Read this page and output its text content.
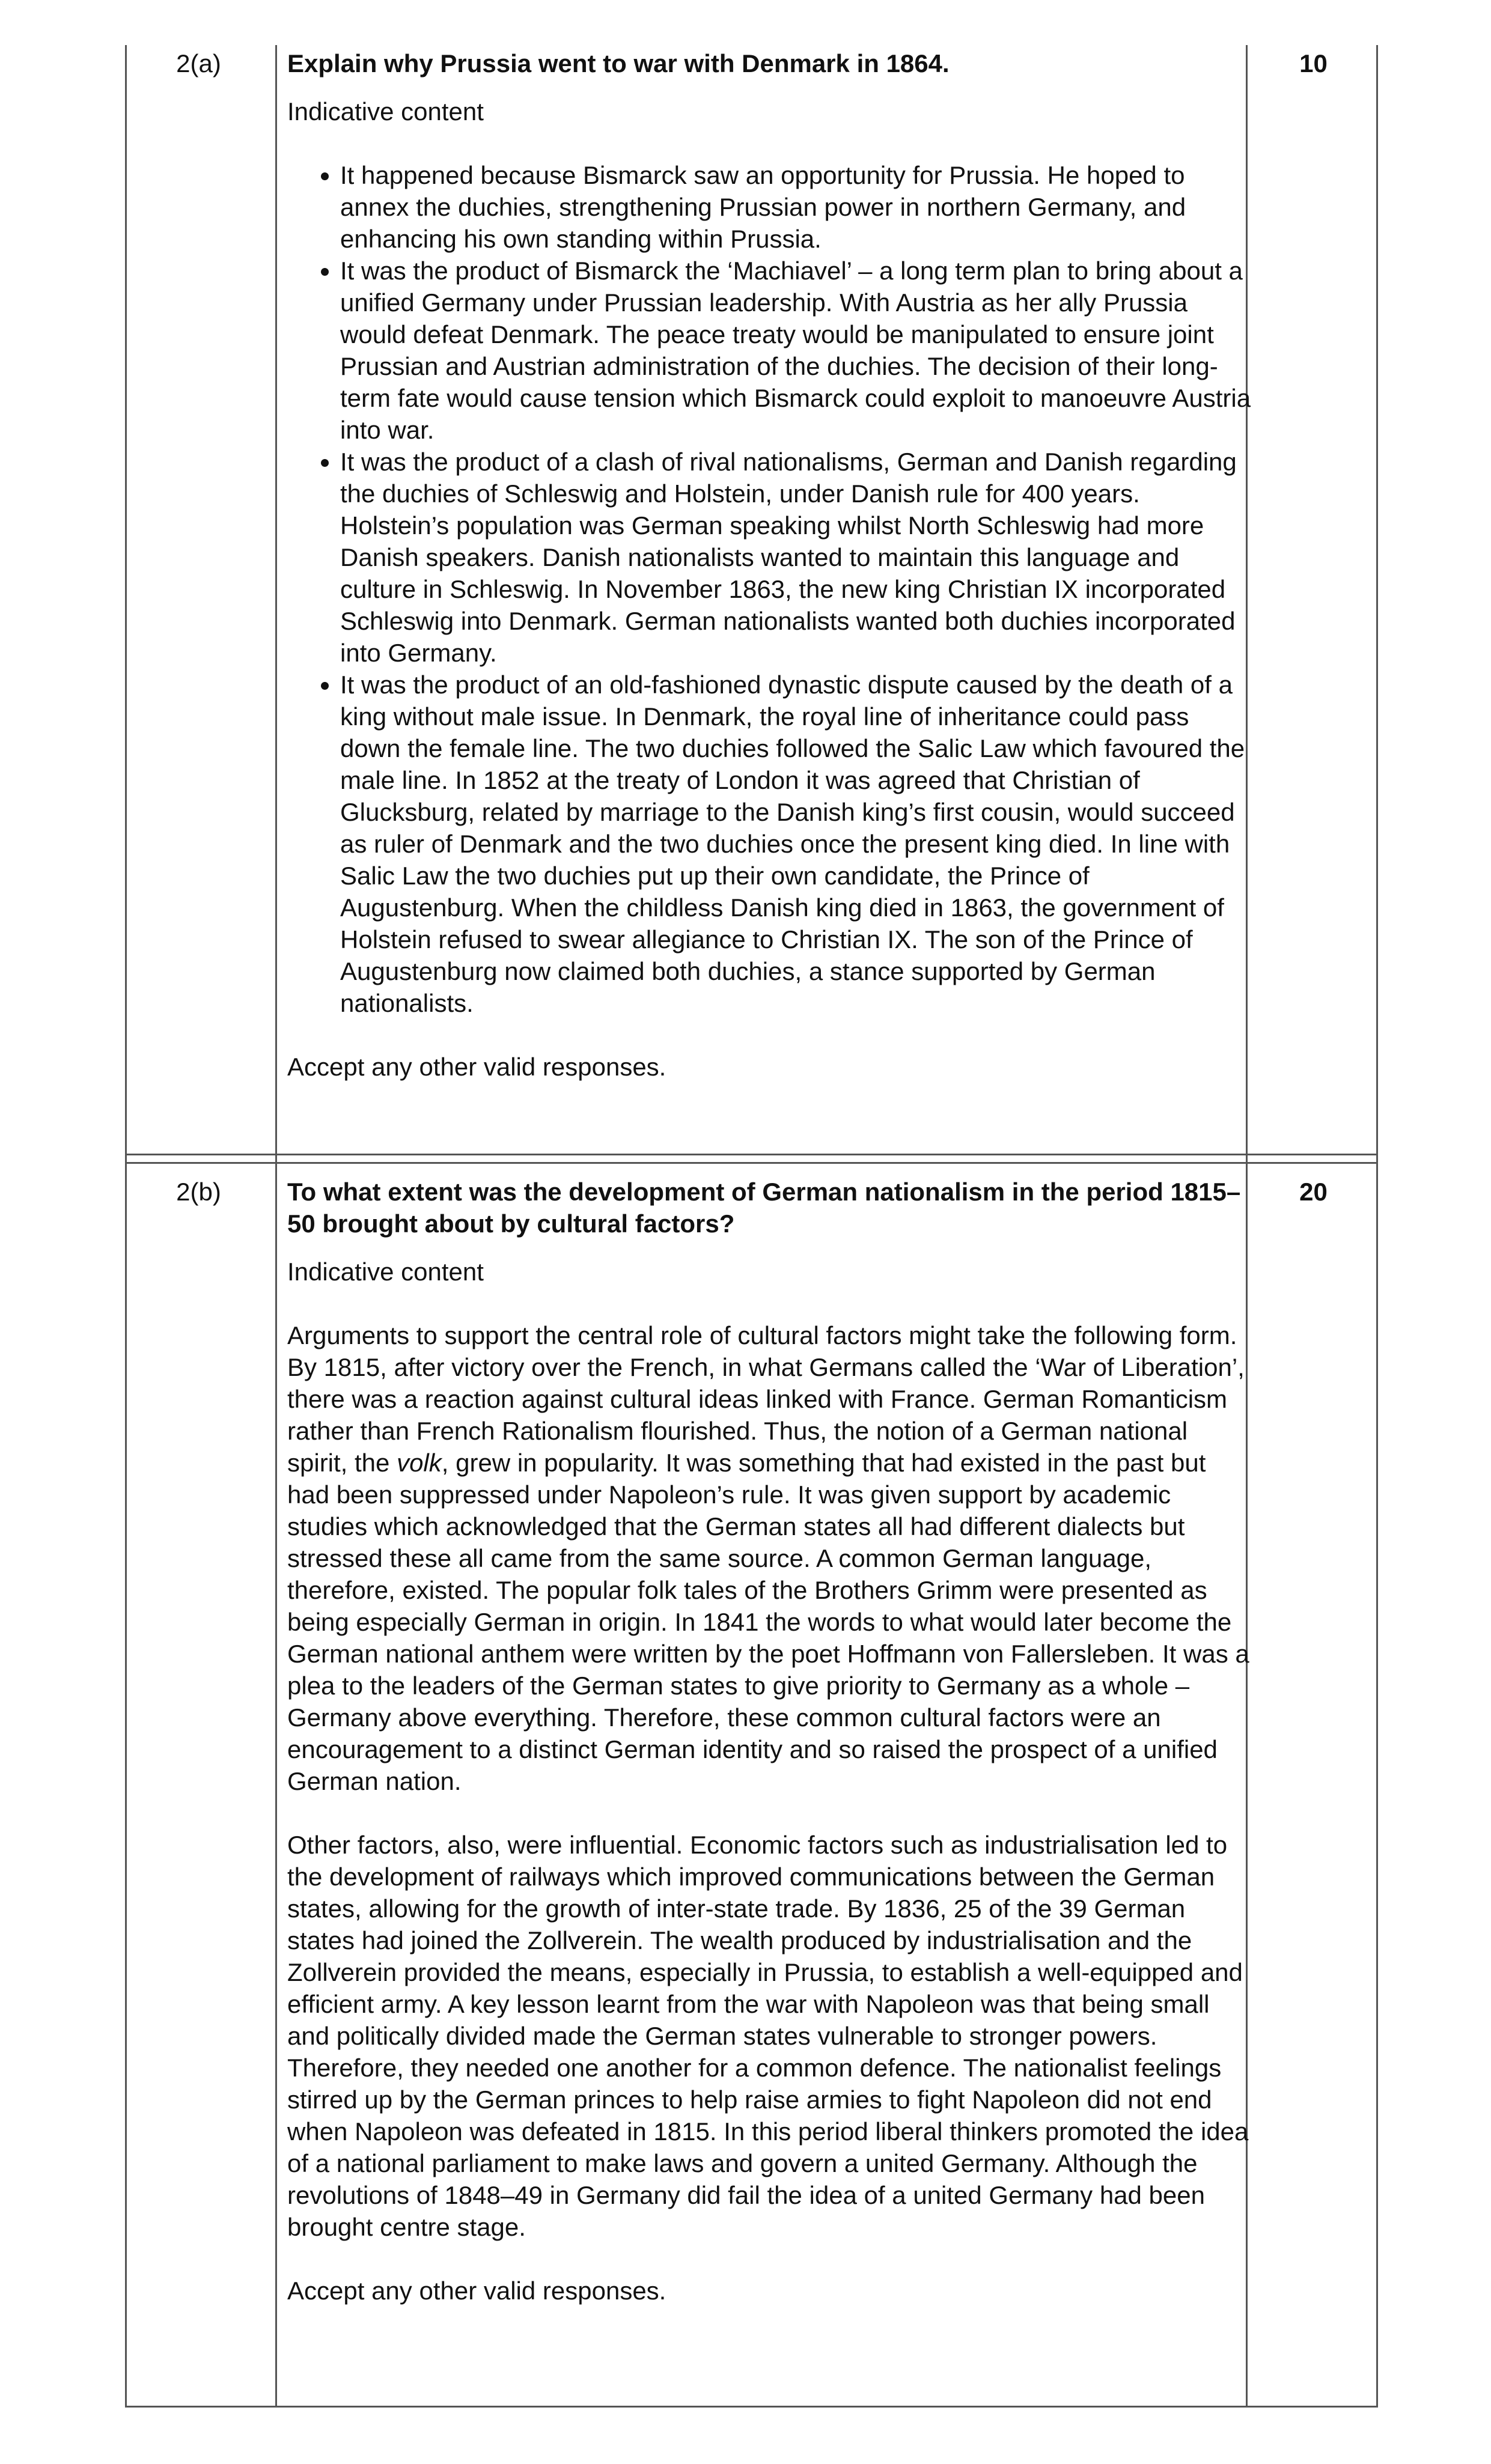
2(a)	Explain why Prussia went to war with Denmark in 1864.
Indicative content
• It happened because Bismarck saw an opportunity for Prussia. He hoped to annex the duchies, strengthening Prussian power in northern Germany, and enhancing his own standing within Prussia.
• It was the product of Bismarck the ‘Machiavel’ – a long term plan to bring about a unified Germany under Prussian leadership. With Austria as her ally Prussia would defeat Denmark. The peace treaty would be manipulated to ensure joint Prussian and Austrian administration of the duchies. The decision of their long-term fate would cause tension which Bismarck could exploit to manoeuvre Austria into war.
• It was the product of a clash of rival nationalisms, German and Danish regarding the duchies of Schleswig and Holstein, under Danish rule for 400 years. Holstein’s population was German speaking whilst North Schleswig had more Danish speakers. Danish nationalists wanted to maintain this language and culture in Schleswig. In November 1863, the new king Christian IX incorporated Schleswig into Denmark. German nationalists wanted both duchies incorporated into Germany.
• It was the product of an old-fashioned dynastic dispute caused by the death of a king without male issue. In Denmark, the royal line of inheritance could pass down the female line. The two duchies followed the Salic Law which favoured the male line. In 1852 at the treaty of London it was agreed that Christian of Glucksburg, related by marriage to the Danish king’s first cousin, would succeed as ruler of Denmark and the two duchies once the present king died. In line with Salic Law the two duchies put up their own candidate, the Prince of Augustenburg. When the childless Danish king died in 1863, the government of Holstein refused to swear allegiance to Christian IX. The son of the Prince of Augustenburg now claimed both duchies, a stance supported by German nationalists.
Accept any other valid responses.
10
2(b)	To what extent was the development of German nationalism in the period 1815–50 brought about by cultural factors?
Indicative content

Arguments to support the central role of cultural factors might take the following form. By 1815, after victory over the French, in what Germans called the ‘War of Liberation’, there was a reaction against cultural ideas linked with France. German Romanticism rather than French Rationalism flourished. Thus, the notion of a German national spirit, the volk, grew in popularity. It was something that had existed in the past but had been suppressed under Napoleon’s rule. It was given support by academic studies which acknowledged that the German states all had different dialects but stressed these all came from the same source. A common German language, therefore, existed. The popular folk tales of the Brothers Grimm were presented as being especially German in origin. In 1841 the words to what would later become the German national anthem were written by the poet Hoffmann von Fallersleben. It was a plea to the leaders of the German states to give priority to Germany as a whole – Germany above everything. Therefore, these common cultural factors were an encouragement to a distinct German identity and so raised the prospect of a unified German nation.

Other factors, also, were influential. Economic factors such as industrialisation led to the development of railways which improved communications between the German states, allowing for the growth of inter-state trade. By 1836, 25 of the 39 German states had joined the Zollverein. The wealth produced by industrialisation and the Zollverein provided the means, especially in Prussia, to establish a well-equipped and efficient army. A key lesson learnt from the war with Napoleon was that being small and politically divided made the German states vulnerable to stronger powers. Therefore, they needed one another for a common defence. The nationalist feelings stirred up by the German princes to help raise armies to fight Napoleon did not end when Napoleon was defeated in 1815. In this period liberal thinkers promoted the idea of a national parliament to make laws and govern a united Germany. Although the revolutions of 1848–49 in Germany did fail the idea of a united Germany had been brought centre stage.

Accept any other valid responses.
20
